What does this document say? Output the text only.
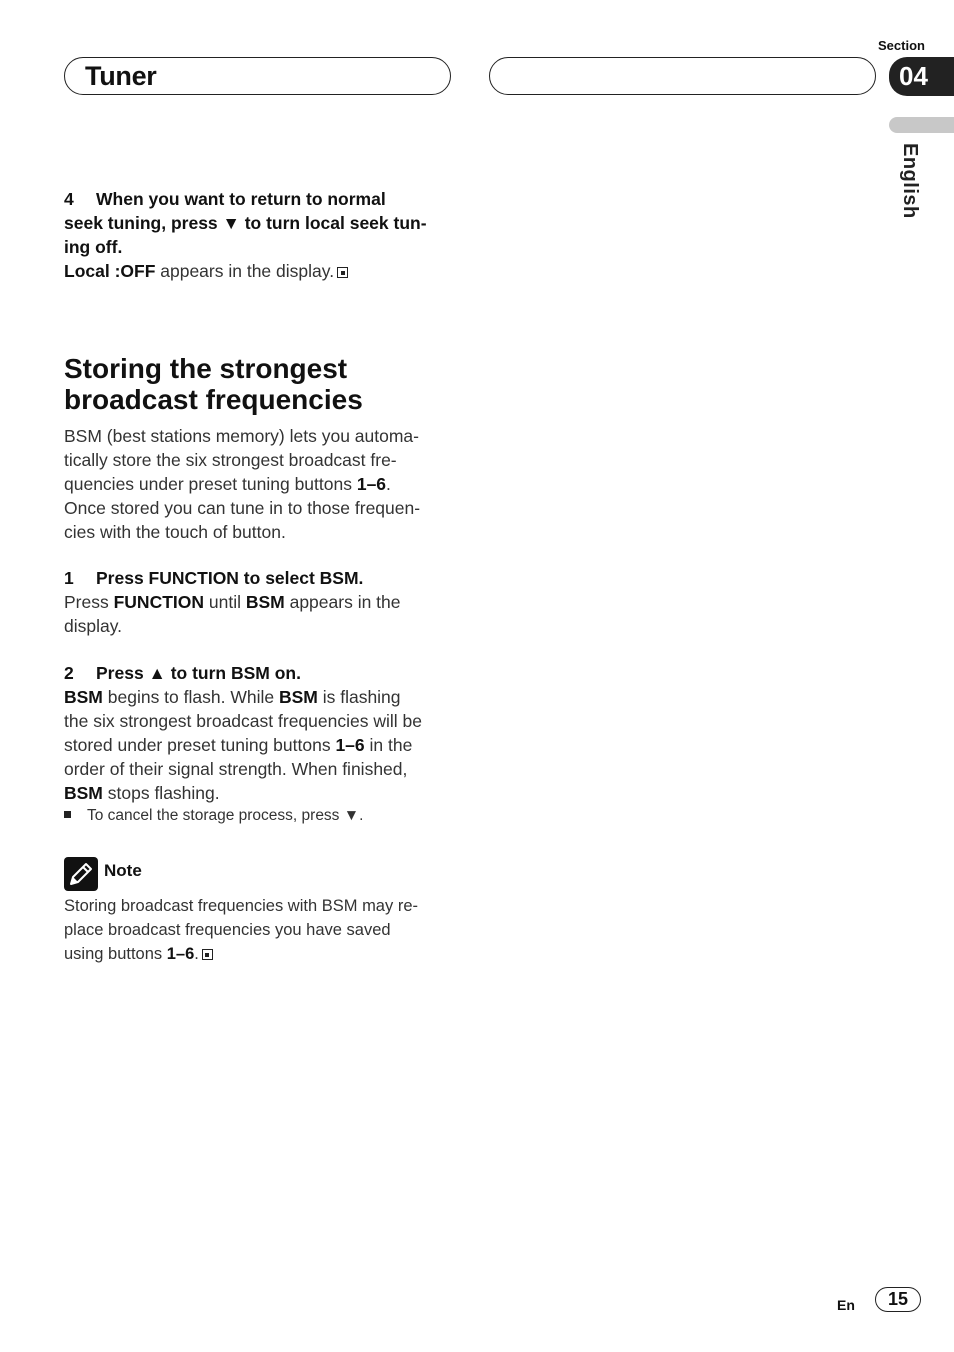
Tuner
Section
04
English

4 When you want to return to normal

seek tuning, press ▼ to turn local seek tun-

ing off.

Local :OFF appears in the display.

Storing the strongest
broadcast frequencies

BSM (best stations memory) lets you automa-

tically store the six strongest broadcast fre-

quencies under preset tuning buttons 1–6.

Once stored you can tune in to those frequen-

cies with the touch of button.

1 Press FUNCTION to select BSM.

Press FUNCTION until BSM appears in the

display.

2 Press ▲ to turn BSM on.

BSM begins to flash. While BSM is flashing

the six strongest broadcast frequencies will be

stored under preset tuning buttons 1–6 in the

order of their signal strength. When finished,

BSM stops flashing.

To cancel the storage process, press ▼.
Note

Storing broadcast frequencies with BSM may re-

place broadcast frequencies you have saved

using buttons 1–6.

En	15
